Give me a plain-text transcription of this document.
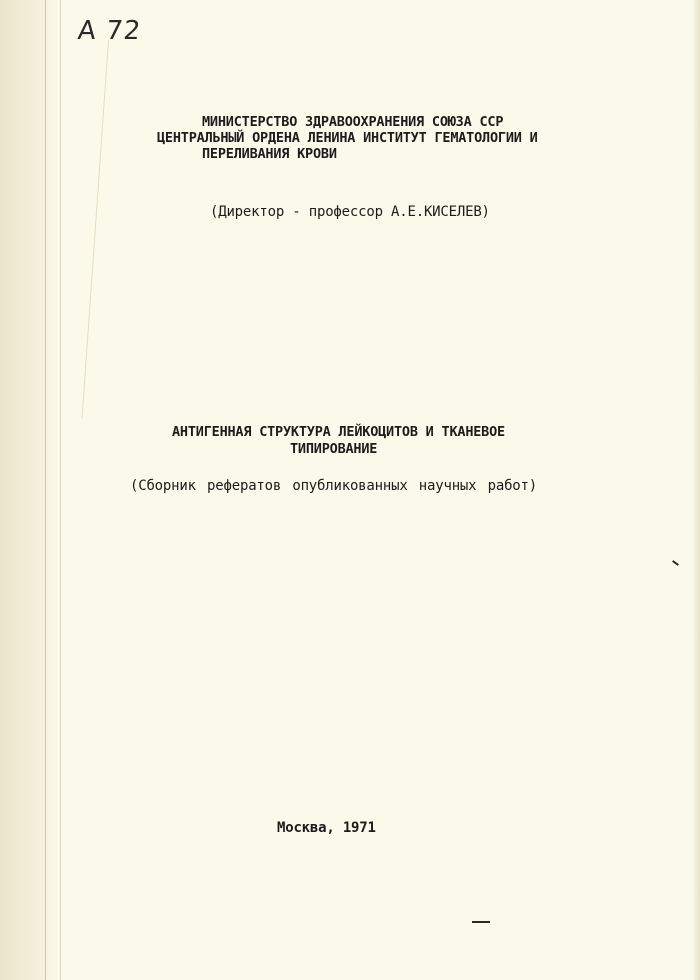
A 72
МИНИСТЕРСТВО ЗДРАВООХРАНЕНИЯ СОЮЗА ССР
ЦЕНТРАЛЬНЫЙ ОРДЕНА ЛЕНИНА ИНСТИТУТ ГЕМАТОЛОГИИ И
ПЕРЕЛИВАНИЯ КРОВИ
(Директор - профессор А.Е.КИСЕЛЕВ)
АНТИГЕННАЯ СТРУКТУРА ЛЕЙКОЦИТОВ И ТКАНЕВОЕ
ТИПИРОВАНИЕ
(Сборник рефератов опубликованных научных работ)
Москва, 1971
